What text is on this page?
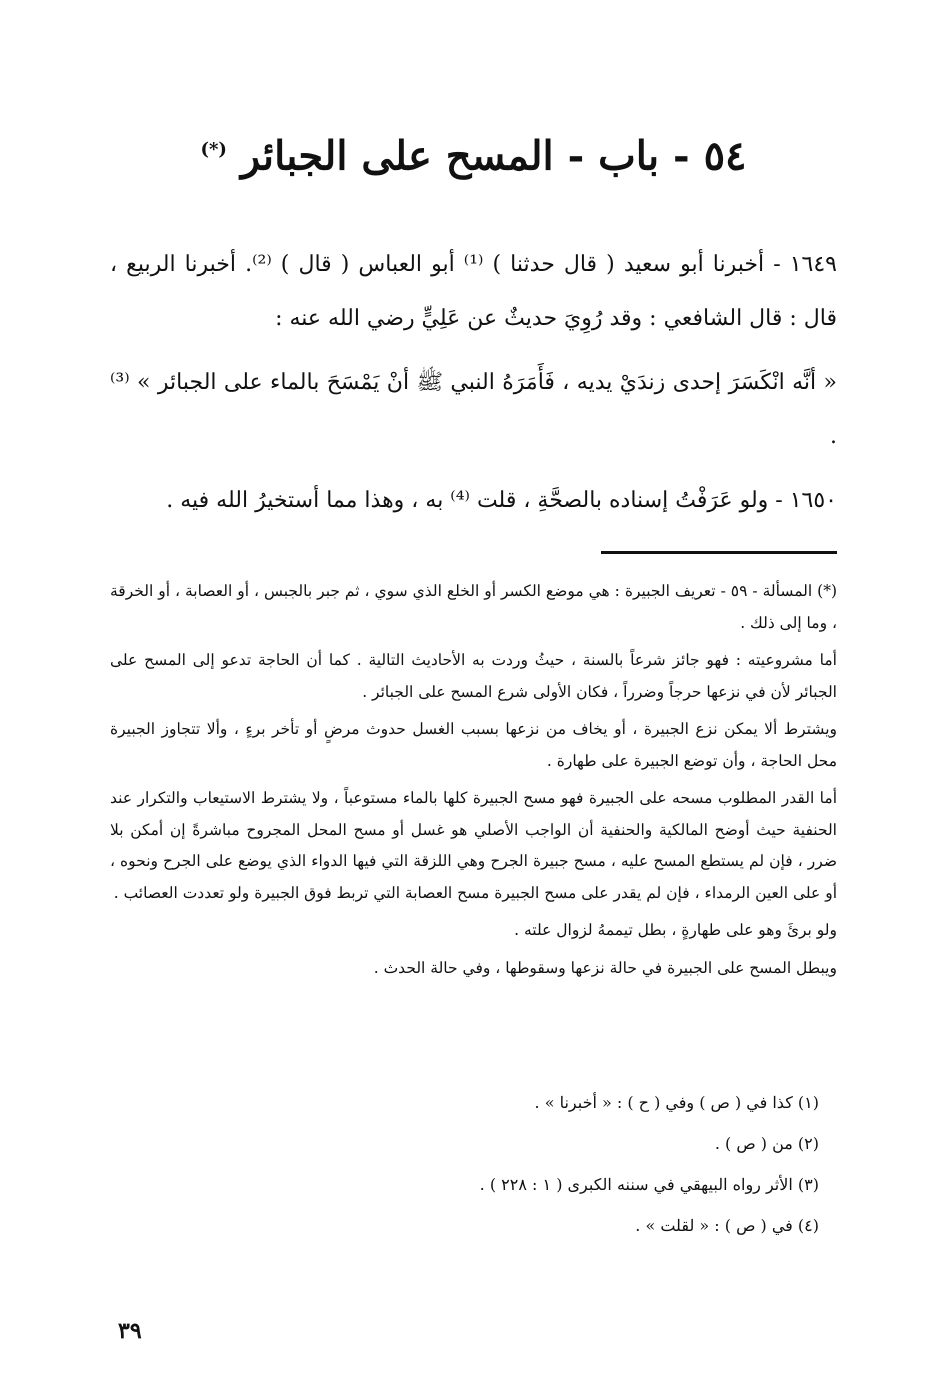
٥٤ - باب - المسح على الجبائر (*)

١٦٤٩ - أخبرنا أبو سعيد ( قال حدثنا ) ⁽¹⁾ أبو العباس ( قال ) ⁽²⁾. أخبرنا الربيع ، قال : قال الشافعي : وقد رُوِيَ حديثٌ عن عَلِيٍّ رضي الله عنه :

« أنَّه انْكَسَرَ إحدى زندَيْ يديه ، فَأَمَرَهُ النبي ﷺ أنْ يَمْسَحَ بالماء على الجبائر » ⁽³⁾ .

١٦٥٠ - ولو عَرَفْتُ إسناده بالصحَّةِ ، قلت ⁽⁴⁾ به ، وهذا مما أستخيرُ الله فيه .

(*) المسألة - ٥٩ - تعريف الجبيرة : هي موضع الكسر أو الخلع الذي سوي ، ثم جبر بالجبس ، أو العصابة ، أو الخرقة ، وما إلى ذلك .

أما مشروعيته : فهو جائز شرعاً بالسنة ، حيثُ وردت به الأحاديث التالية . كما أن الحاجة تدعو إلى المسح على الجبائر لأن في نزعها حرجاً وضرراً ، فكان الأولى شرع المسح على الجبائر .

ويشترط ألا يمكن نزع الجبيرة ، أو يخاف من نزعها بسبب الغسل حدوث مرضٍ أو تأخر برءٍ ، وألا تتجاوز الجبيرة محل الحاجة ، وأن توضع الجبيرة على طهارة .

أما القدر المطلوب مسحه على الجبيرة فهو مسح الجبيرة كلها بالماء مستوعباً ، ولا يشترط الاستيعاب والتكرار عند الحنفية حيث أوضح المالكية والحنفية أن الواجب الأصلي هو غسل أو مسح المحل المجروح مباشرةً إن أمكن بلا ضرر ، فإن لم يستطع المسح عليه ، مسح جبيرة الجرح وهي اللزقة التي فيها الدواء الذي يوضع على الجرح ونحوه ، أو على العين الرمداء ، فإن لم يقدر على مسح الجبيرة مسح العصابة التي تربط فوق الجبيرة ولو تعددت العصائب .

ولو برئَ وهو على طهارةٍ ، بطل تيممهُ لزوال علته .

ويبطل المسح على الجبيرة في حالة نزعها وسقوطها ، وفي حالة الحدث .

(١) كذا في ( ص ) وفي ( ح ) : « أخبرنا » .
(٢) من ( ص ) .
(٣) الأثر رواه البيهقي في سننه الكبرى ( ١ : ٢٢٨ ) .
(٤) في ( ص ) : « لقلت » .
٣٩
